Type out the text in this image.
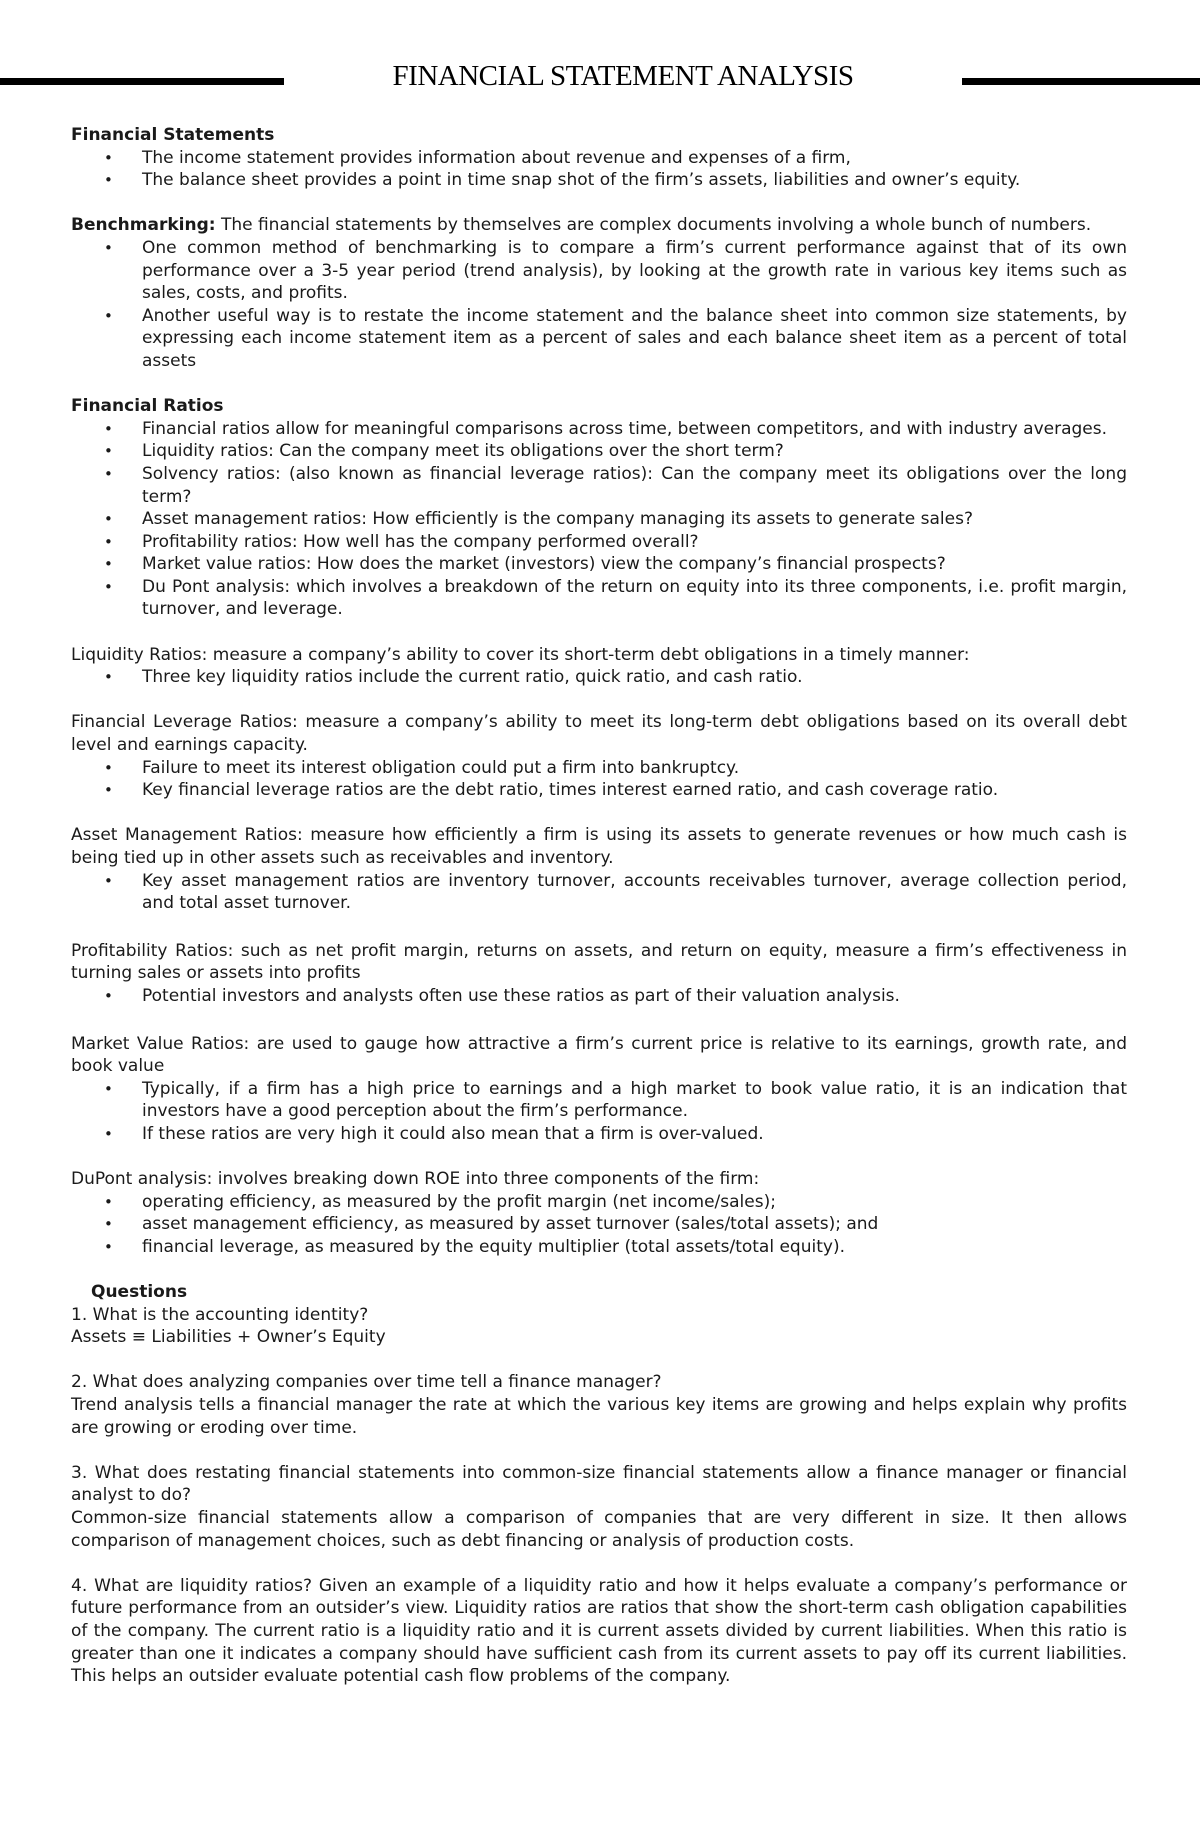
FINANCIAL STATEMENT ANALYSIS

Financial Statements

• The income statement provides information about revenue and expenses of a firm,
• The balance sheet provides a point in time snap shot of the firm’s assets, liabilities and owner’s equity.

Benchmarking: The financial statements by themselves are complex documents involving a whole bunch of numbers.

• One common method of benchmarking is to compare a firm’s current performance against that of its own performance over a 3-5 year period (trend analysis), by looking at the growth rate in various key items such as sales, costs, and profits.
• Another useful way is to restate the income statement and the balance sheet into common size statements, by expressing each income statement item as a percent of sales and each balance sheet item as a percent of total assets

Financial Ratios

• Financial ratios allow for meaningful comparisons across time, between competitors, and with industry averages.
• Liquidity ratios: Can the company meet its obligations over the short term?
• Solvency ratios: (also known as financial leverage ratios): Can the company meet its obligations over the long term?
• Asset management ratios: How efficiently is the company managing its assets to generate sales?
• Profitability ratios: How well has the company performed overall?
• Market value ratios: How does the market (investors) view the company’s financial prospects?
• Du Pont analysis: which involves a breakdown of the return on equity into its three components, i.e. profit margin, turnover, and leverage.

Liquidity Ratios: measure a company’s ability to cover its short-term debt obligations in a timely manner:

• Three key liquidity ratios include the current ratio, quick ratio, and cash ratio.

Financial Leverage Ratios: measure a company’s ability to meet its long-term debt obligations based on its overall debt level and earnings capacity.

• Failure to meet its interest obligation could put a firm into bankruptcy.
• Key financial leverage ratios are the debt ratio, times interest earned ratio, and cash coverage ratio.

Asset Management Ratios: measure how efficiently a firm is using its assets to generate revenues or how much cash is being tied up in other assets such as receivables and inventory.

• Key asset management ratios are inventory turnover, accounts receivables turnover, average collection period, and total asset turnover.

Profitability Ratios: such as net profit margin, returns on assets, and return on equity, measure a firm’s effectiveness in turning sales or assets into profits

• Potential investors and analysts often use these ratios as part of their valuation analysis.

Market Value Ratios: are used to gauge how attractive a firm’s current price is relative to its earnings, growth rate, and book value

• Typically, if a firm has a high price to earnings and a high market to book value ratio, it is an indication that investors have a good perception about the firm’s performance.
• If these ratios are very high it could also mean that a firm is over-valued.

DuPont analysis: involves breaking down ROE into three components of the firm:

• operating efficiency, as measured by the profit margin (net income/sales);
• asset management efficiency, as measured by asset turnover (sales/total assets); and
• financial leverage, as measured by the equity multiplier (total assets/total equity).

Questions

1. What is the accounting identity?

Assets ≡ Liabilities + Owner’s Equity

2. What does analyzing companies over time tell a finance manager?

Trend analysis tells a financial manager the rate at which the various key items are growing and helps explain why profits are growing or eroding over time.

3. What does restating financial statements into common-size financial statements allow a finance manager or financial analyst to do?

Common-size financial statements allow a comparison of companies that are very different in size. It then allows comparison of management choices, such as debt financing or analysis of production costs.

4. What are liquidity ratios? Given an example of a liquidity ratio and how it helps evaluate a company’s performance or future performance from an outsider’s view. Liquidity ratios are ratios that show the short-term cash obligation capabilities of the company. The current ratio is a liquidity ratio and it is current assets divided by current liabilities. When this ratio is greater than one it indicates a company should have sufficient cash from its current assets to pay off its current liabilities. This helps an outsider evaluate potential cash flow problems of the company.
